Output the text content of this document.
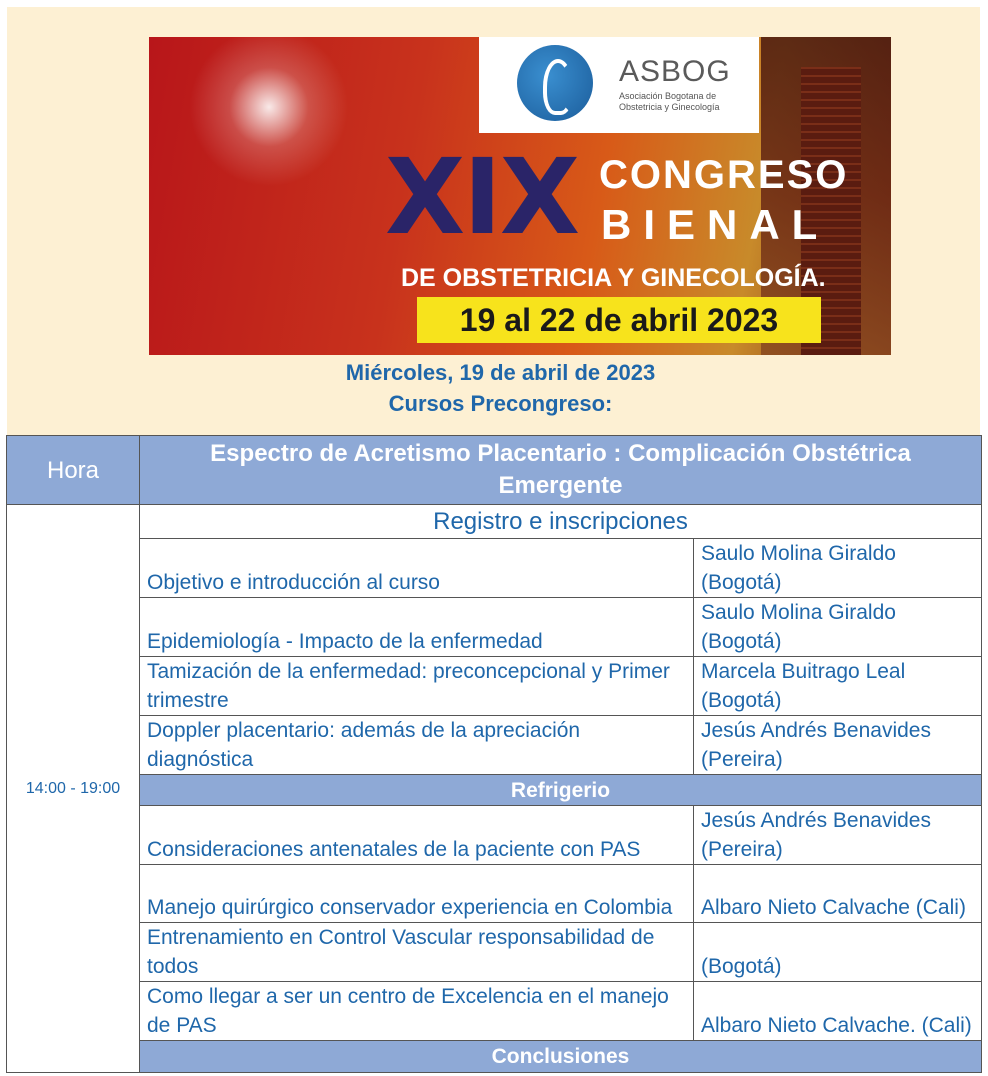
ASBOG
Asociación Bogotana de Obstetricia y Ginecología
XIX CONGRESO
BIENAL
DE OBSTETRICIA Y GINECOLOGÍA.
19 al 22 de abril 2023
Miércoles, 19 de abril de 2023
Cursos Precongreso:
Hora	Espectro de Acretismo Placentario : Complicación Obstétrica Emergente	
14:00 - 19:00	Registro e inscripciones	
	Objetivo e introducción al curso	Saulo Molina Giraldo (Bogotá)
	Epidemiología - Impacto de la enfermedad	Saulo Molina Giraldo (Bogotá)
	Tamización de la enfermedad: preconcepcional y Primer trimestre	Marcela Buitrago Leal (Bogotá)
	Doppler placentario: además de la apreciación diagnóstica	Jesús Andrés Benavides (Pereira)
	Refrigerio	
	Consideraciones antenatales de la paciente con PAS	Jesús Andrés Benavides (Pereira)
	Manejo quirúrgico conservador experiencia en Colombia	Albaro Nieto Calvache (Cali)
	Entrenamiento en Control Vascular responsabilidad de todos	(Bogotá)
	Como llegar a ser un centro de Excelencia en el manejo de PAS	Albaro Nieto Calvache. (Cali)
	Conclusiones	
